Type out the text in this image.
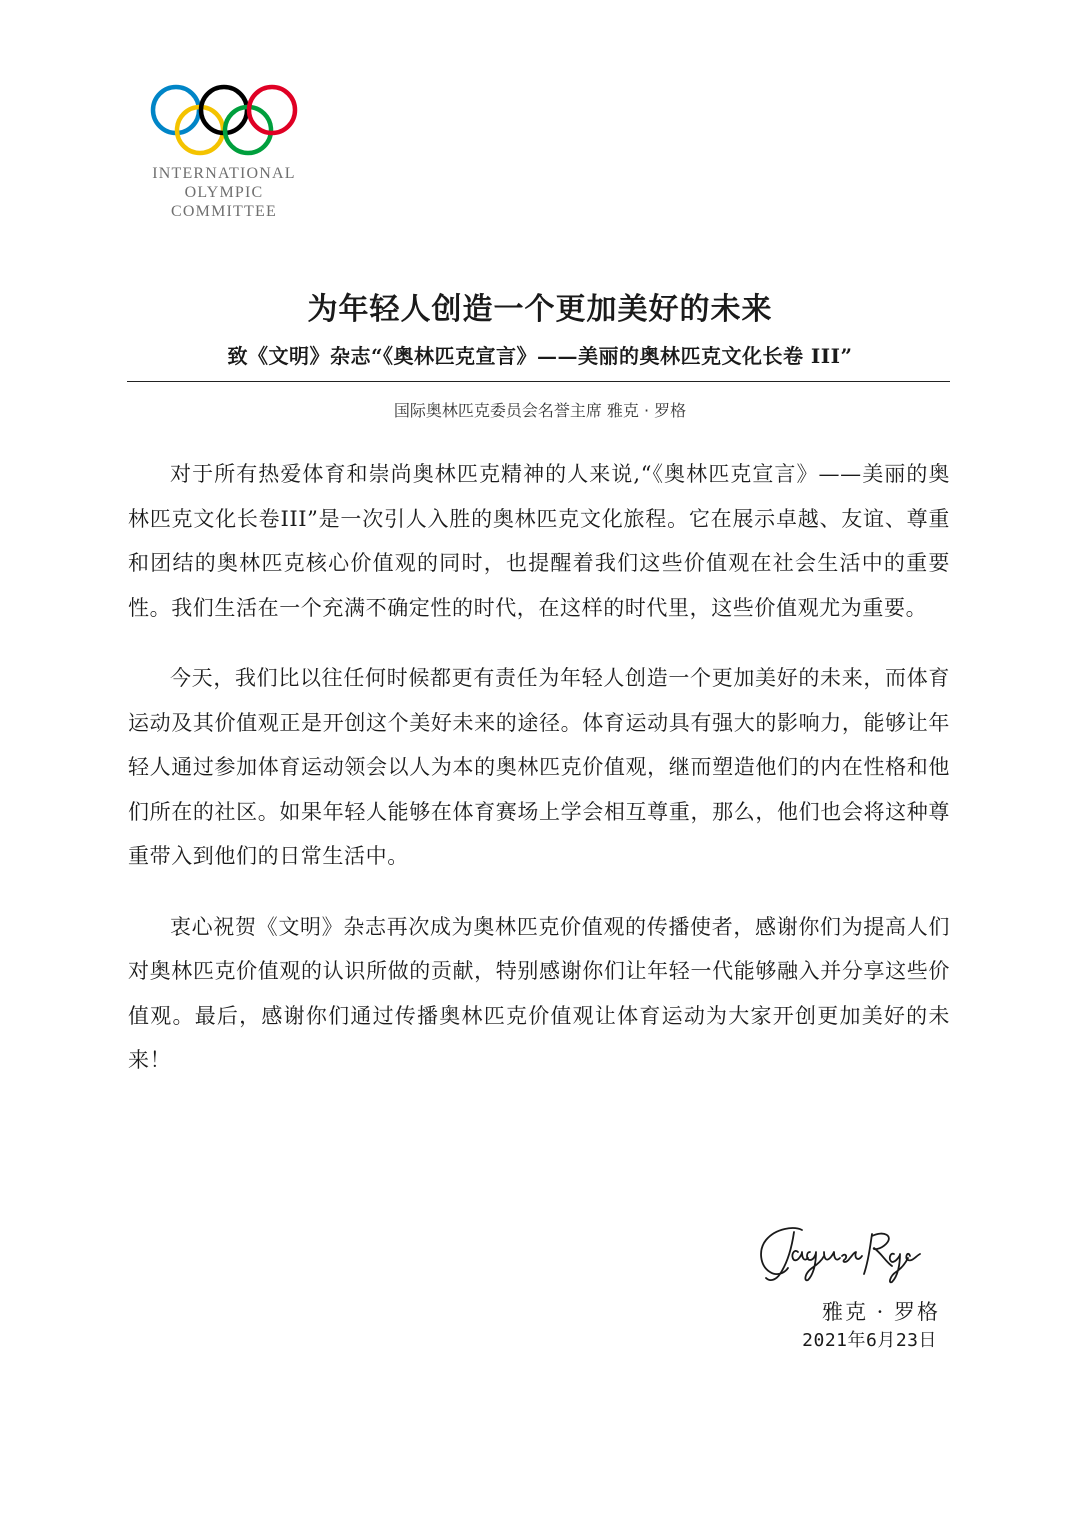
INTERNATIONAL
OLYMPIC
COMMITTEE
为年轻人创造一个更加美好的未来
致《文明》杂志“《奥林匹克宣言》——美丽的奥林匹克文化长卷 III”

国际奥林匹克委员会名誉主席 雅克 · 罗格

对于所有热爱体育和崇尚奥林匹克精神的人来说,“《奥林匹克宣言》——美丽的奥林匹克文化长卷III”是一次引人入胜的奥林匹克文化旅程。它在展示卓越、友谊、尊重和团结的奥林匹克核心价值观的同时，也提醒着我们这些价值观在社会生活中的重要性。我们生活在一个充满不确定性的时代，在这样的时代里，这些价值观尤为重要。

今天，我们比以往任何时候都更有责任为年轻人创造一个更加美好的未来，而体育运动及其价值观正是开创这个美好未来的途径。体育运动具有强大的影响力，能够让年轻人通过参加体育运动领会以人为本的奥林匹克价值观，继而塑造他们的内在性格和他们所在的社区。如果年轻人能够在体育赛场上学会相互尊重，那么，他们也会将这种尊重带入到他们的日常生活中。

衷心祝贺《文明》杂志再次成为奥林匹克价值观的传播使者，感谢你们为提高人们对奥林匹克价值观的认识所做的贡献，特别感谢你们让年轻一代能够融入并分享这些价值观。最后，感谢你们通过传播奥林匹克价值观让体育运动为大家开创更加美好的未来！

雅克 · 罗格

2021年6月23日
